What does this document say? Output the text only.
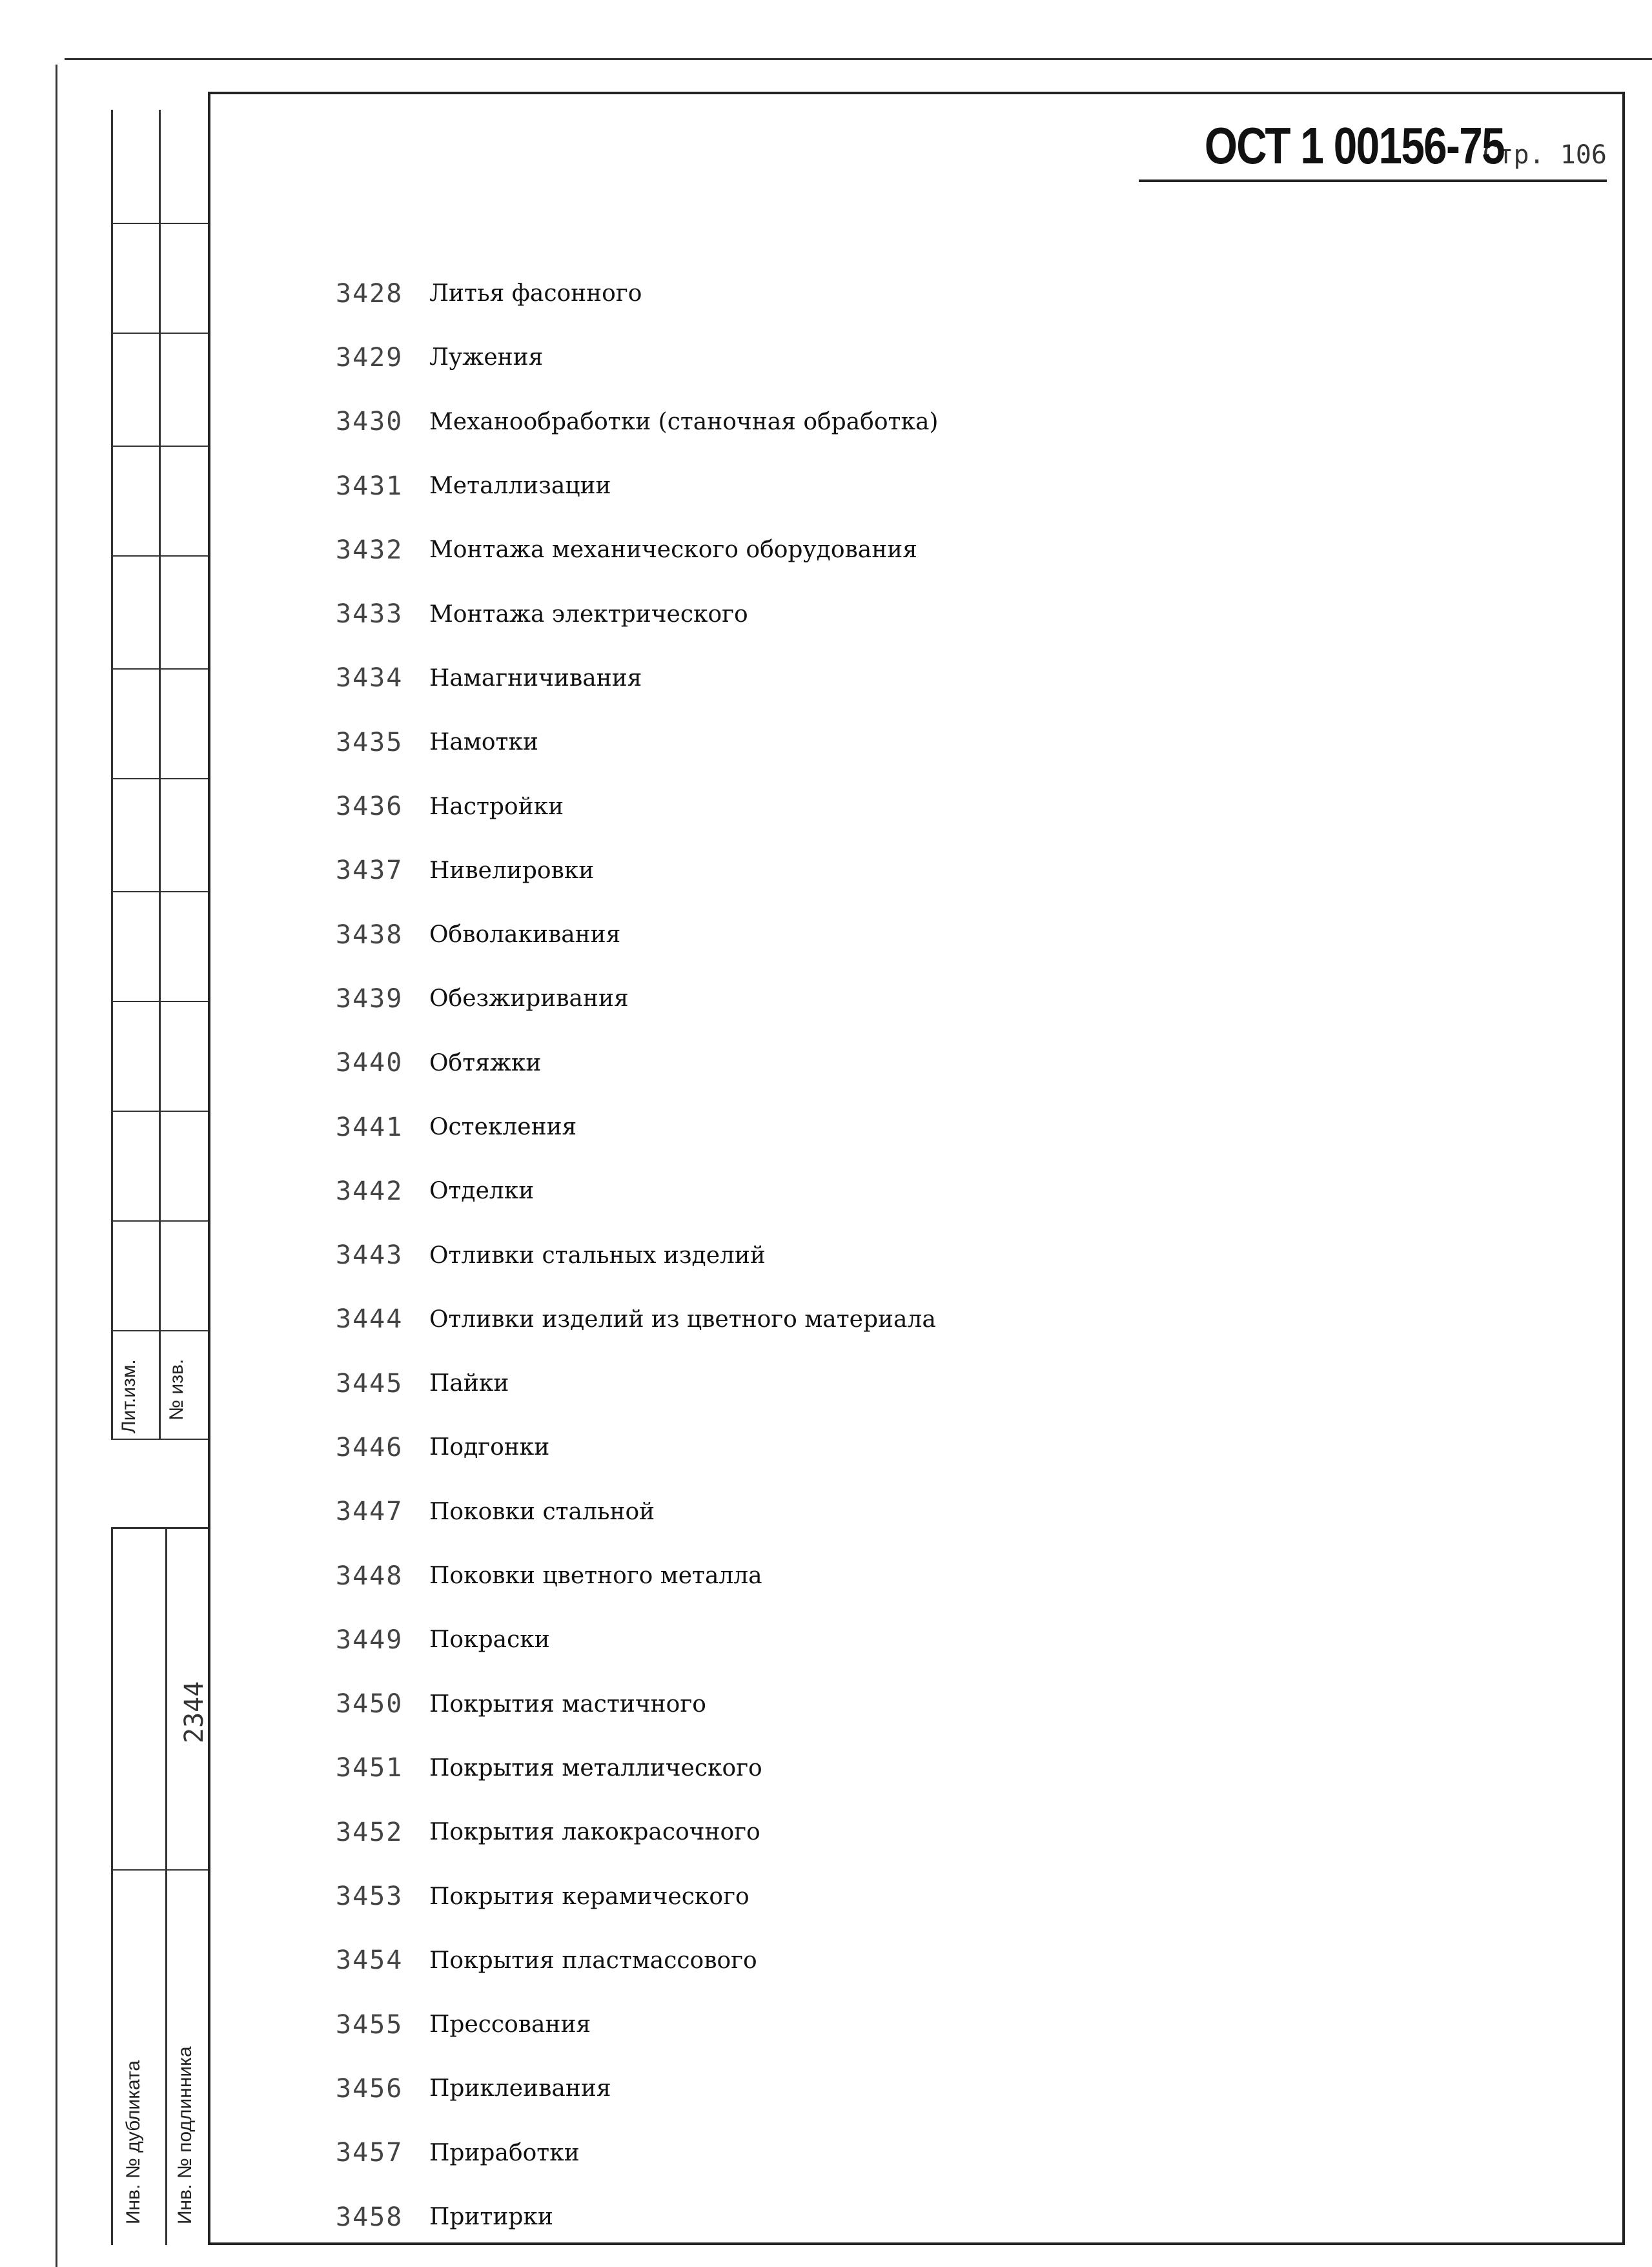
Лит.изм. № изв.
2344
Инв. № дубликата Инв. № подлинника
ОСТ 1 00156-75
Стр. 106
3428	Литья фасонного
3429	Лужения
3430	Механообработки (станочная обработка)
3431	Металлизации
3432	Монтажа механического оборудования
3433	Монтажа электрического
3434	Намагничивания
3435	Намотки
3436	Настройки
3437	Нивелировки
3438	Обволакивания
3439	Обезжиривания
3440	Обтяжки
3441	Остекления
3442	Отделки
3443	Отливки стальных изделий
3444	Отливки изделий из цветного материала
3445	Пайки
3446	Подгонки
3447	Поковки стальной
3448	Поковки цветного металла
3449	Покраски
3450	Покрытия мастичного
3451	Покрытия металлического
3452	Покрытия лакокрасочного
3453	Покрытия керамического
3454	Покрытия пластмассового
3455	Прессования
3456	Приклеивания
3457	Приработки
3458	Притирки
